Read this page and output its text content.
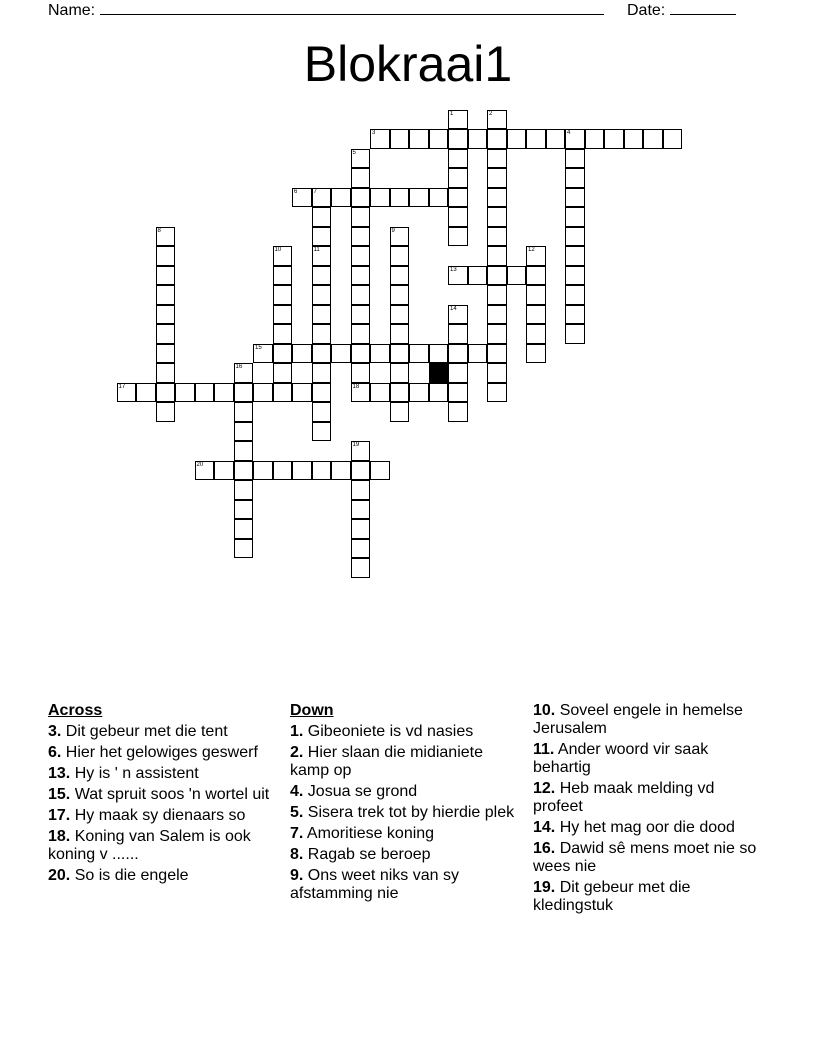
Name:	Date:
Blokraai1
3	4
6	7
13
15
17	18
20
1	2
5
8	9
10	11	12
14
16
19
Across
3. Dit gebeur met die tent
6. Hier het gelowiges geswerf
13. Hy is ' n assistent
15. Wat spruit soos 'n wortel uit
17. Hy maak sy dienaars so
18. Koning van Salem is ook koning v ......
20. So is die engele
Down
1. Gibeoniete is vd nasies
2. Hier slaan die midianiete kamp op
4. Josua se grond
5. Sisera trek tot by hierdie plek
7. Amoritiese koning
8. Ragab se beroep
9. Ons weet niks van sy afstamming nie
10. Soveel engele in hemelse Jerusalem
11. Ander woord vir saak behartig
12. Heb maak melding vd profeet
14. Hy het mag oor die dood
16. Dawid sê mens moet nie so wees nie
19. Dit gebeur met die kledingstuk
